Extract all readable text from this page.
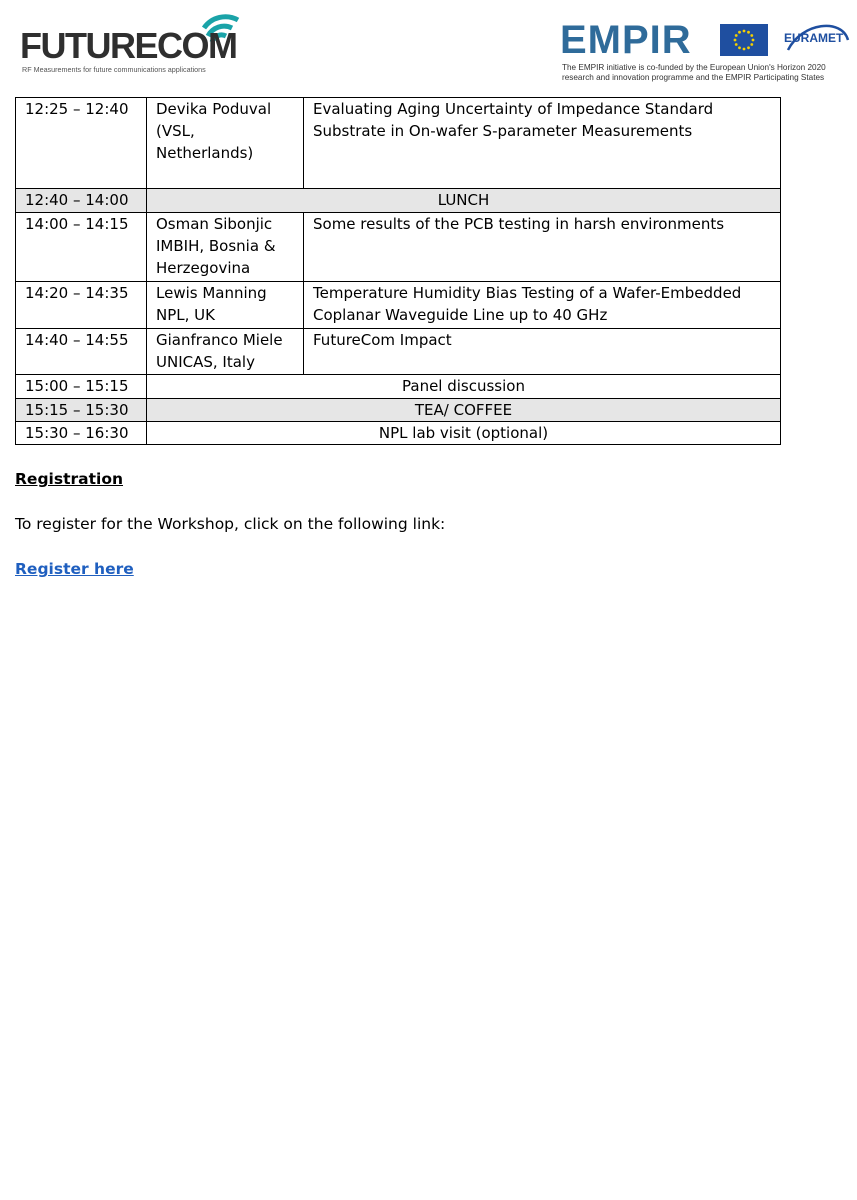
FUTURECOM
RF Measurements for future communications applications
EMPIR	EURAMET
The EMPIR initiative is co-funded by the European Union's Horizon 2020
research and innovation programme and the EMPIR Participating States
12:25 – 12:40	Devika Poduval (VSL, Netherlands)	Evaluating Aging Uncertainty of Impedance Standard Substrate in On-wafer S-parameter Measurements
12:40 – 14:00	LUNCH	
14:00 – 14:15	Osman Sibonjic IMBIH, Bosnia & Herzegovina	Some results of the PCB testing in harsh environments
14:20 – 14:35	Lewis Manning NPL, UK	Temperature Humidity Bias Testing of a Wafer-Embedded Coplanar Waveguide Line up to 40 GHz
14:40 – 14:55	Gianfranco Miele UNICAS, Italy	FutureCom Impact
15:00 – 15:15	Panel discussion	
15:15 – 15:30	TEA/ COFFEE	
15:30 – 16:30	NPL lab visit (optional)	
Registration
To register for the Workshop, click on the following link:
Register here
